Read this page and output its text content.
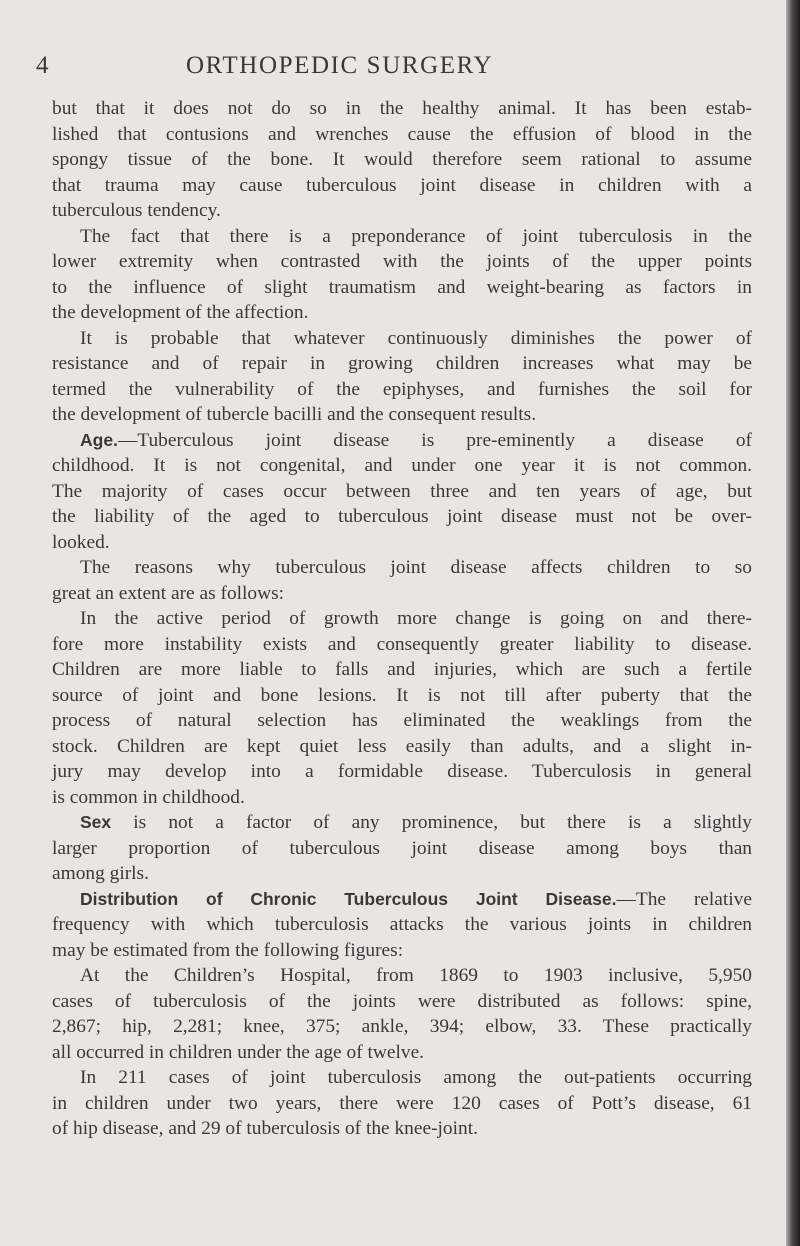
4	ORTHOPEDIC SURGERY
but that it does not do so in the healthy animal. It has been estab-
lished that contusions and wrenches cause the effusion of blood in the
spongy tissue of the bone. It would therefore seem rational to assume
that trauma may cause tuberculous joint disease in children with a
tuberculous tendency.
The fact that there is a preponderance of joint tuberculosis in the
lower extremity when contrasted with the joints of the upper points
to the influence of slight traumatism and weight-bearing as factors in
the development of the affection.
It is probable that whatever continuously diminishes the power of
resistance and of repair in growing children increases what may be
termed the vulnerability of the epiphyses, and furnishes the soil for
the development of tubercle bacilli and the consequent results.
Age.—Tuberculous joint disease is pre-eminently a disease of
childhood. It is not congenital, and under one year it is not common.
The majority of cases occur between three and ten years of age, but
the liability of the aged to tuberculous joint disease must not be over-
looked.
The reasons why tuberculous joint disease affects children to so
great an extent are as follows:
In the active period of growth more change is going on and there-
fore more instability exists and consequently greater liability to disease.
Children are more liable to falls and injuries, which are such a fertile
source of joint and bone lesions. It is not till after puberty that the
process of natural selection has eliminated the weaklings from the
stock. Children are kept quiet less easily than adults, and a slight in-
jury may develop into a formidable disease. Tuberculosis in general
is common in childhood.
Sex is not a factor of any prominence, but there is a slightly
larger proportion of tuberculous joint disease among boys than
among girls.
Distribution of Chronic Tuberculous Joint Disease.—The relative
frequency with which tuberculosis attacks the various joints in children
may be estimated from the following figures:
At the Children’s Hospital, from 1869 to 1903 inclusive, 5,950
cases of tuberculosis of the joints were distributed as follows: spine,
2,867; hip, 2,281; knee, 375; ankle, 394; elbow, 33. These practically
all occurred in children under the age of twelve.
In 211 cases of joint tuberculosis among the out-patients occurring
in children under two years, there were 120 cases of Pott’s disease, 61
of hip disease, and 29 of tuberculosis of the knee-joint.
